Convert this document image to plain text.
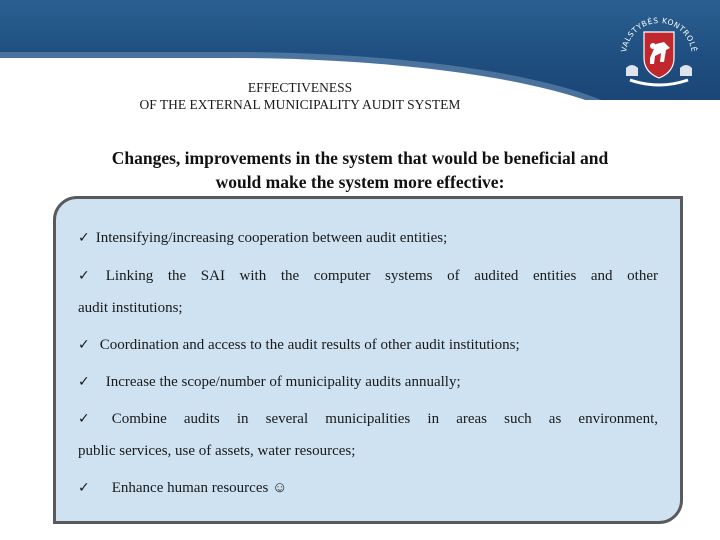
VALSTYBĖS KONTROLĖ
EFFECTIVENESS
OF THE EXTERNAL MUNICIPALITY AUDIT SYSTEM
Changes, improvements in the system that would be beneficial and
would make the system more effective:
✓ Intensifying/increasing cooperation between audit entities;
✓ Linking the SAI with the computer systems of audited entities and other
audit institutions;
✓ Coordination and access to the audit results of other audit institutions;
✓ Increase the scope/number of municipality audits annually;
✓ Combine audits in several municipalities in areas such as environment,
public services, use of assets, water resources;
✓ Enhance human resources ☺
